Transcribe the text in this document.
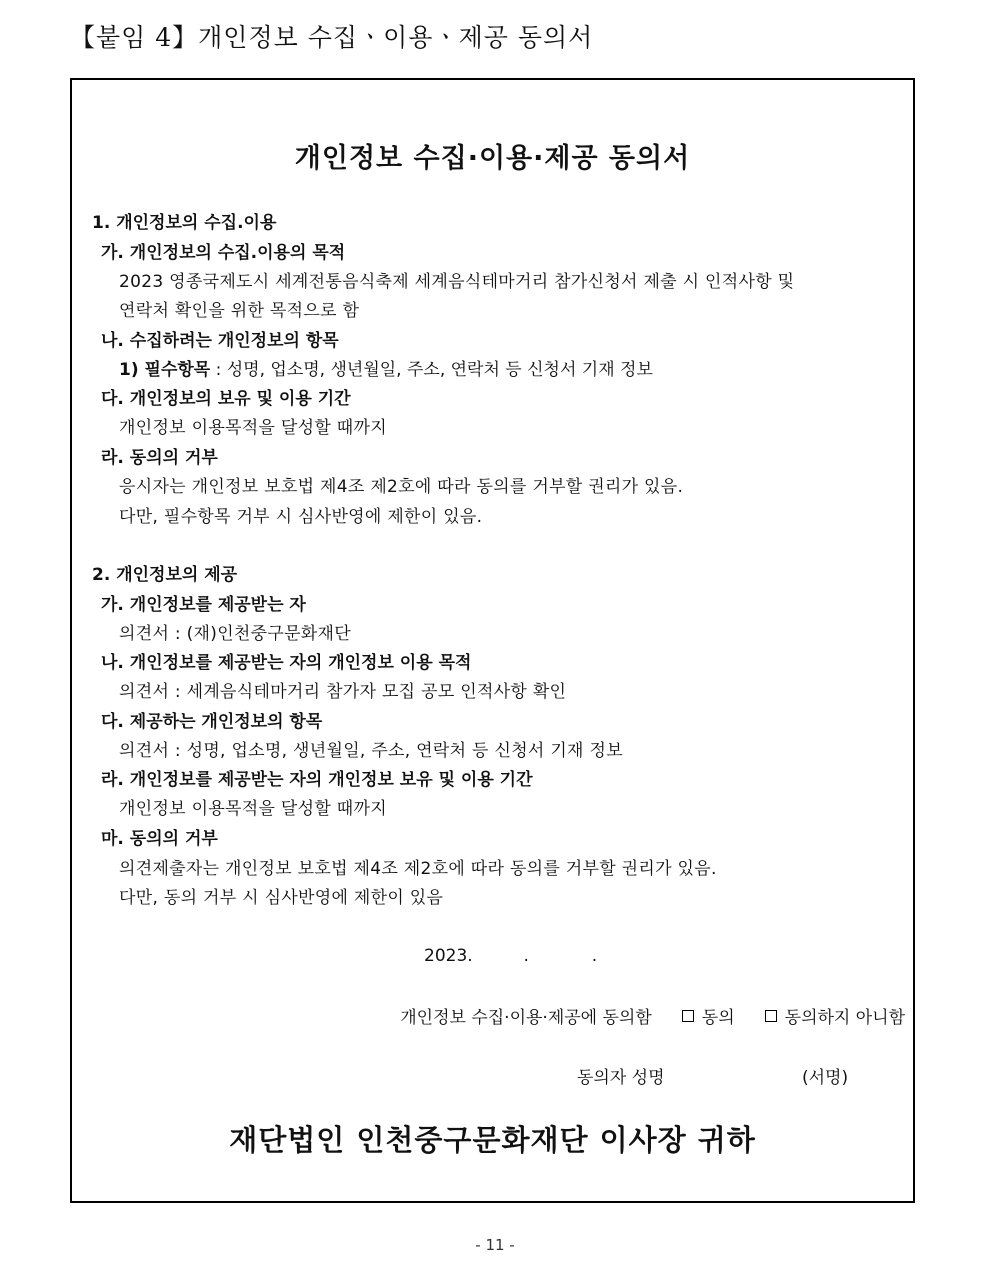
【붙임 4】개인정보 수집ㆍ이용ㆍ제공 동의서
개인정보 수집·이용·제공 동의서
1. 개인정보의 수집.이용
가. 개인정보의 수집.이용의 목적
2023 영종국제도시 세계전통음식축제 세계음식테마거리 참가신청서 제출 시 인적사항 및
연락처 확인을 위한 목적으로 함
나. 수집하려는 개인정보의 항목
1) 필수항목 : 성명, 업소명, 생년월일, 주소, 연락처 등 신청서 기재 정보
다. 개인정보의 보유 및 이용 기간
개인정보 이용목적을 달성할 때까지
라. 동의의 거부
응시자는 개인정보 보호법 제4조 제2호에 따라 동의를 거부할 권리가 있음.
다만, 필수항목 거부 시 심사반영에 제한이 있음.
2. 개인정보의 제공
가. 개인정보를 제공받는 자
의견서 : (재)인천중구문화재단
나. 개인정보를 제공받는 자의 개인정보 이용 목적
의견서 : 세계음식테마거리 참가자 모집 공모 인적사항 확인
다. 제공하는 개인정보의 항목
의견서 : 성명, 업소명, 생년월일, 주소, 연락처 등 신청서 기재 정보
라. 개인정보를 제공받는 자의 개인정보 보유 및 이용 기간
개인정보 이용목적을 달성할 때까지
마. 동의의 거부
의견제출자는 개인정보 보호법 제4조 제2호에 따라 동의를 거부할 권리가 있음.
다만, 동의 거부 시 심사반영에 제한이 있음
2023.	.	.
개인정보 수집·이용·제공에 동의함	동의	동의하지 아니함
동의자 성명	(서명)
재단법인 인천중구문화재단 이사장 귀하
- 11 -
